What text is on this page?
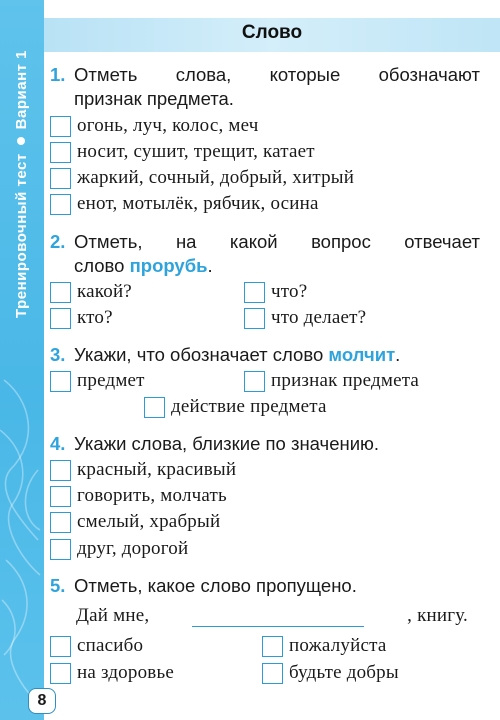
Тренировочный тест
Вариант 1
8
Слово
1. Отметь слова, которые обозначают
признак предмета.
огонь, луч, колос, меч
носит, сушит, трещит, катает
жаркий, сочный, добрый, хитрый
енот, мотылёк, рябчик, осина
2. Отметь, на какой вопрос отвечает
слово прорубь.
какой?	что?
кто?	что делает?
3. Укажи, что обозначает слово молчит.
предмет	признак предмета
действие предмета
4. Укажи слова, близкие по значению.
красный, красивый
говорить, молчать
смелый, храбрый
друг, дорогой
5. Отметь, какое слово пропущено.
Дай мне,	, книгу.
спасибо	пожалуйста
на здоровье	будьте добры
